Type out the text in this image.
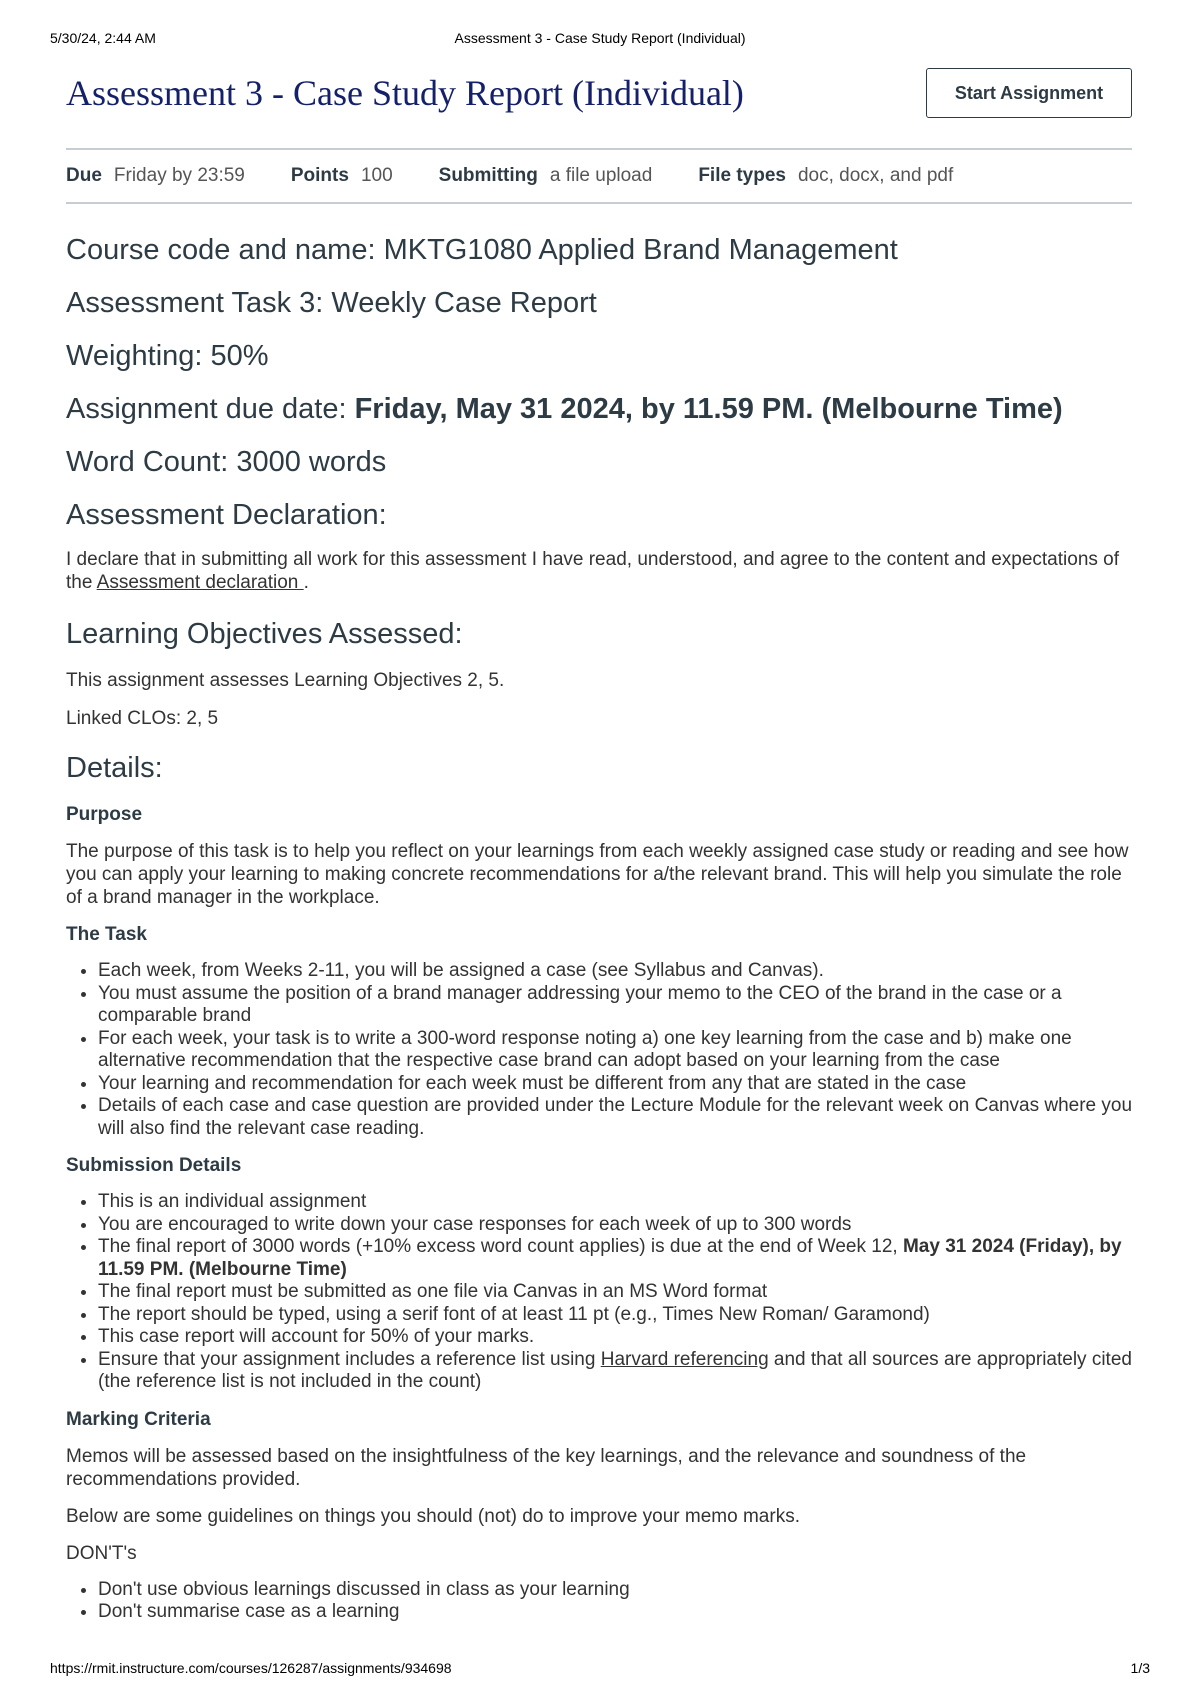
5/30/24, 2:44 AM	Assessment 3 - Case Study Report (Individual)
Assessment 3 - Case Study Report (Individual)	Start Assignment
Due Friday by 23:59 Points 100 Submitting a file upload File types doc, docx, and pdf
Course code and name: MKTG1080 Applied Brand Management
Assessment Task 3: Weekly Case Report
Weighting: 50%
Assignment due date: Friday, May 31 2024, by 11.59 PM. (Melbourne Time)
Word Count: 3000 words
Assessment Declaration:

I declare that in submitting all work for this assessment I have read, understood, and agree to the content and expectations of the Assessment declaration .

Learning Objectives Assessed:

This assignment assesses Learning Objectives 2, 5.

Linked CLOs: 2, 5

Details:

Purpose

The purpose of this task is to help you reflect on your learnings from each weekly assigned case study or reading and see how you can apply your learning to making concrete recommendations for a/the relevant brand. This will help you simulate the role of a brand manager in the workplace.

The Task

• Each week, from Weeks 2-11, you will be assigned a case (see Syllabus and Canvas).
• You must assume the position of a brand manager addressing your memo to the CEO of the brand in the case or a comparable brand
• For each week, your task is to write a 300-word response noting a) one key learning from the case and b) make one alternative recommendation that the respective case brand can adopt based on your learning from the case
• Your learning and recommendation for each week must be different from any that are stated in the case
• Details of each case and case question are provided under the Lecture Module for the relevant week on Canvas where you will also find the relevant case reading.

Submission Details

• This is an individual assignment
• You are encouraged to write down your case responses for each week of up to 300 words
• The final report of 3000 words (+10% excess word count applies) is due at the end of Week 12, May 31 2024 (Friday), by 11.59 PM. (Melbourne Time)
• The final report must be submitted as one file via Canvas in an MS Word format
• The report should be typed, using a serif font of at least 11 pt (e.g., Times New Roman/ Garamond)
• This case report will account for 50% of your marks.
• Ensure that your assignment includes a reference list using Harvard referencing and that all sources are appropriately cited (the reference list is not included in the count)

Marking Criteria

Memos will be assessed based on the insightfulness of the key learnings, and the relevance and soundness of the recommendations provided.

Below are some guidelines on things you should (not) do to improve your memo marks.

DON'T's

• Don't use obvious learnings discussed in class as your learning
• Don't summarise case as a learning
https://rmit.instructure.com/courses/126287/assignments/934698	1/3
